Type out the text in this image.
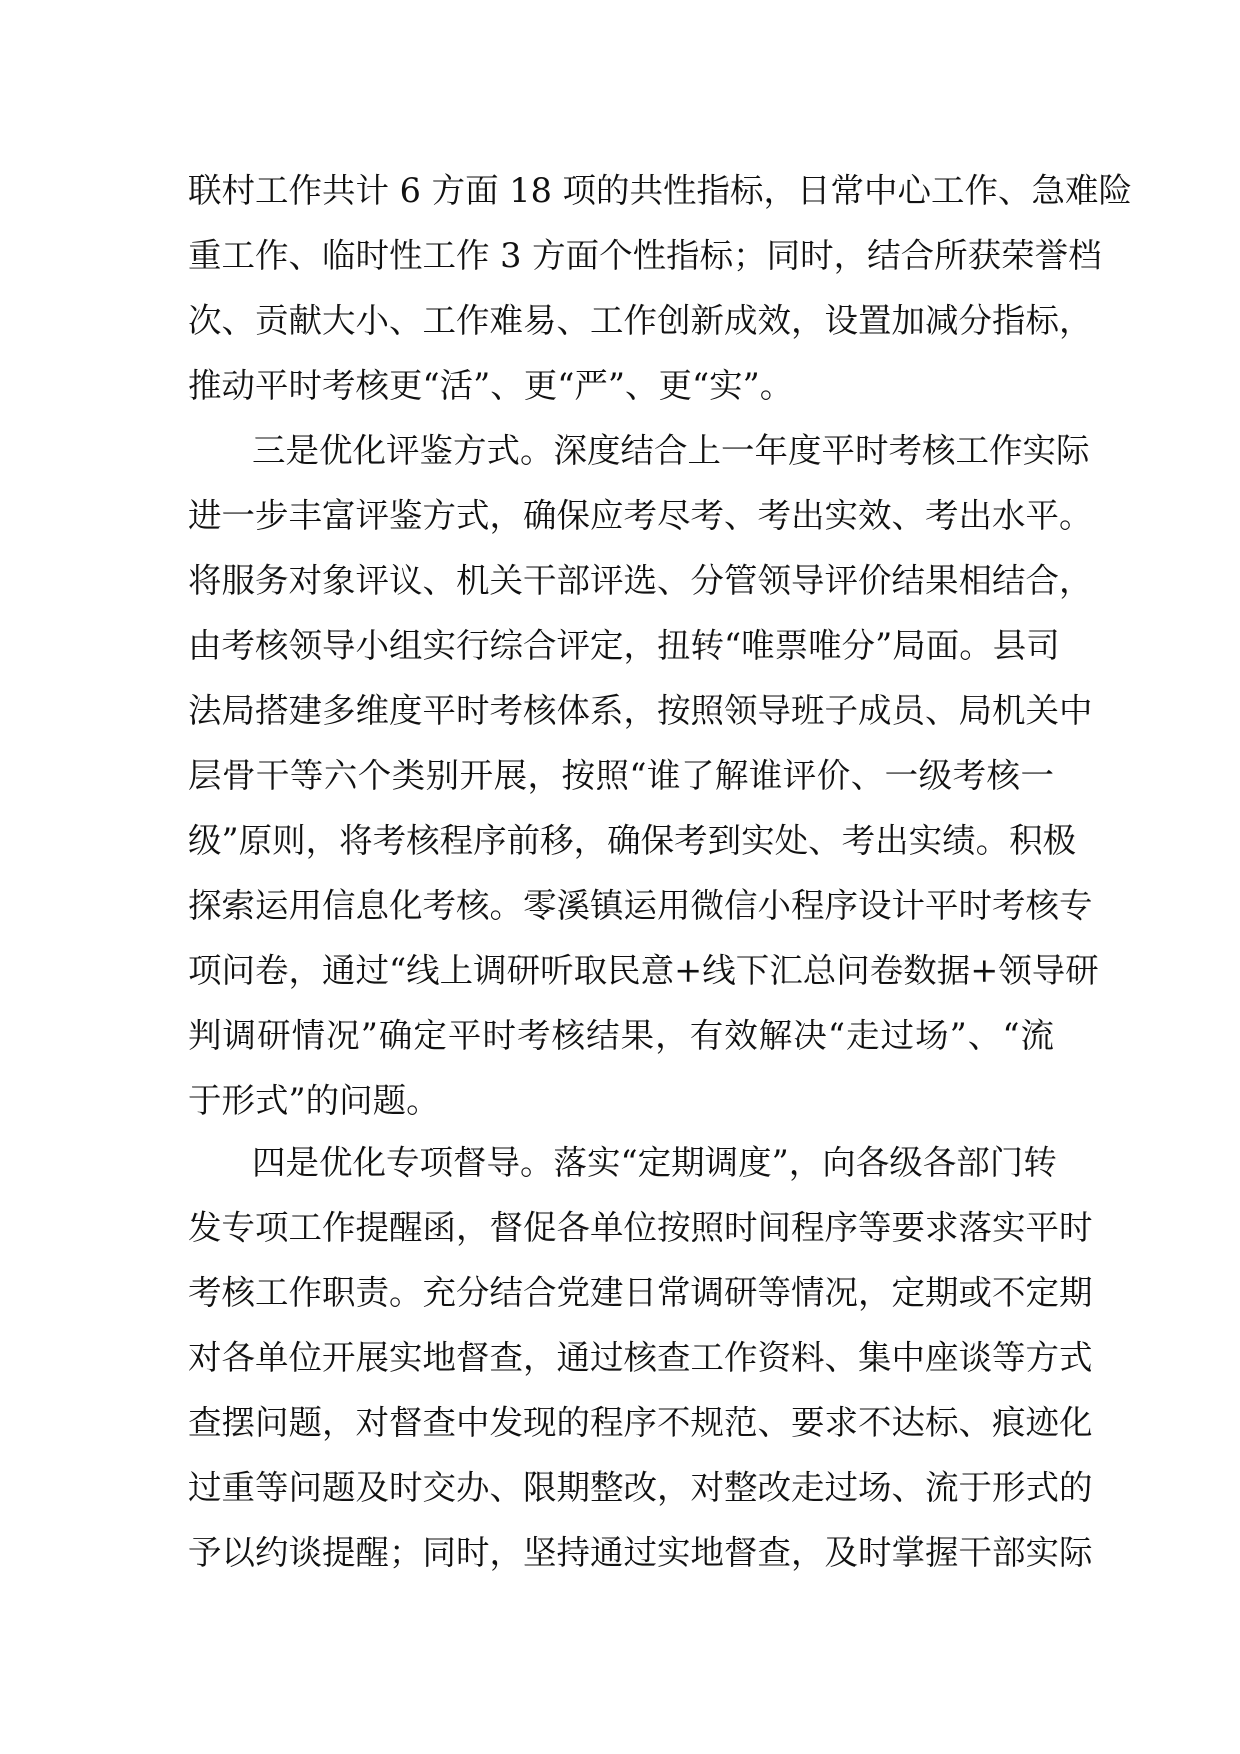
联村工作共计 6 方面 18 项的共性指标，日常中心工作、急难险
重工作、临时性工作 3 方面个性指标；同时，结合所获荣誉档
次、贡献大小、工作难易、工作创新成效，设置加减分指标，
推动平时考核更“活”、更“严”、更“实”。
三是优化评鉴方式。深度结合上一年度平时考核工作实际
进一步丰富评鉴方式，确保应考尽考、考出实效、考出水平。
将服务对象评议、机关干部评选、分管领导评价结果相结合，
由考核领导小组实行综合评定，扭转“唯票唯分”局面。县司
法局搭建多维度平时考核体系，按照领导班子成员、局机关中
层骨干等六个类别开展，按照“谁了解谁评价、一级考核一
级”原则，将考核程序前移，确保考到实处、考出实绩。积极
探索运用信息化考核。零溪镇运用微信小程序设计平时考核专
项问卷，通过“线上调研听取民意+线下汇总问卷数据+领导研
判调研情况”确定平时考核结果，有效解决“走过场”、“流
于形式”的问题。
四是优化专项督导。落实“定期调度”，向各级各部门转
发专项工作提醒函，督促各单位按照时间程序等要求落实平时
考核工作职责。充分结合党建日常调研等情况，定期或不定期
对各单位开展实地督查，通过核查工作资料、集中座谈等方式
查摆问题，对督查中发现的程序不规范、要求不达标、痕迹化
过重等问题及时交办、限期整改，对整改走过场、流于形式的
予以约谈提醒；同时，坚持通过实地督查，及时掌握干部实际
